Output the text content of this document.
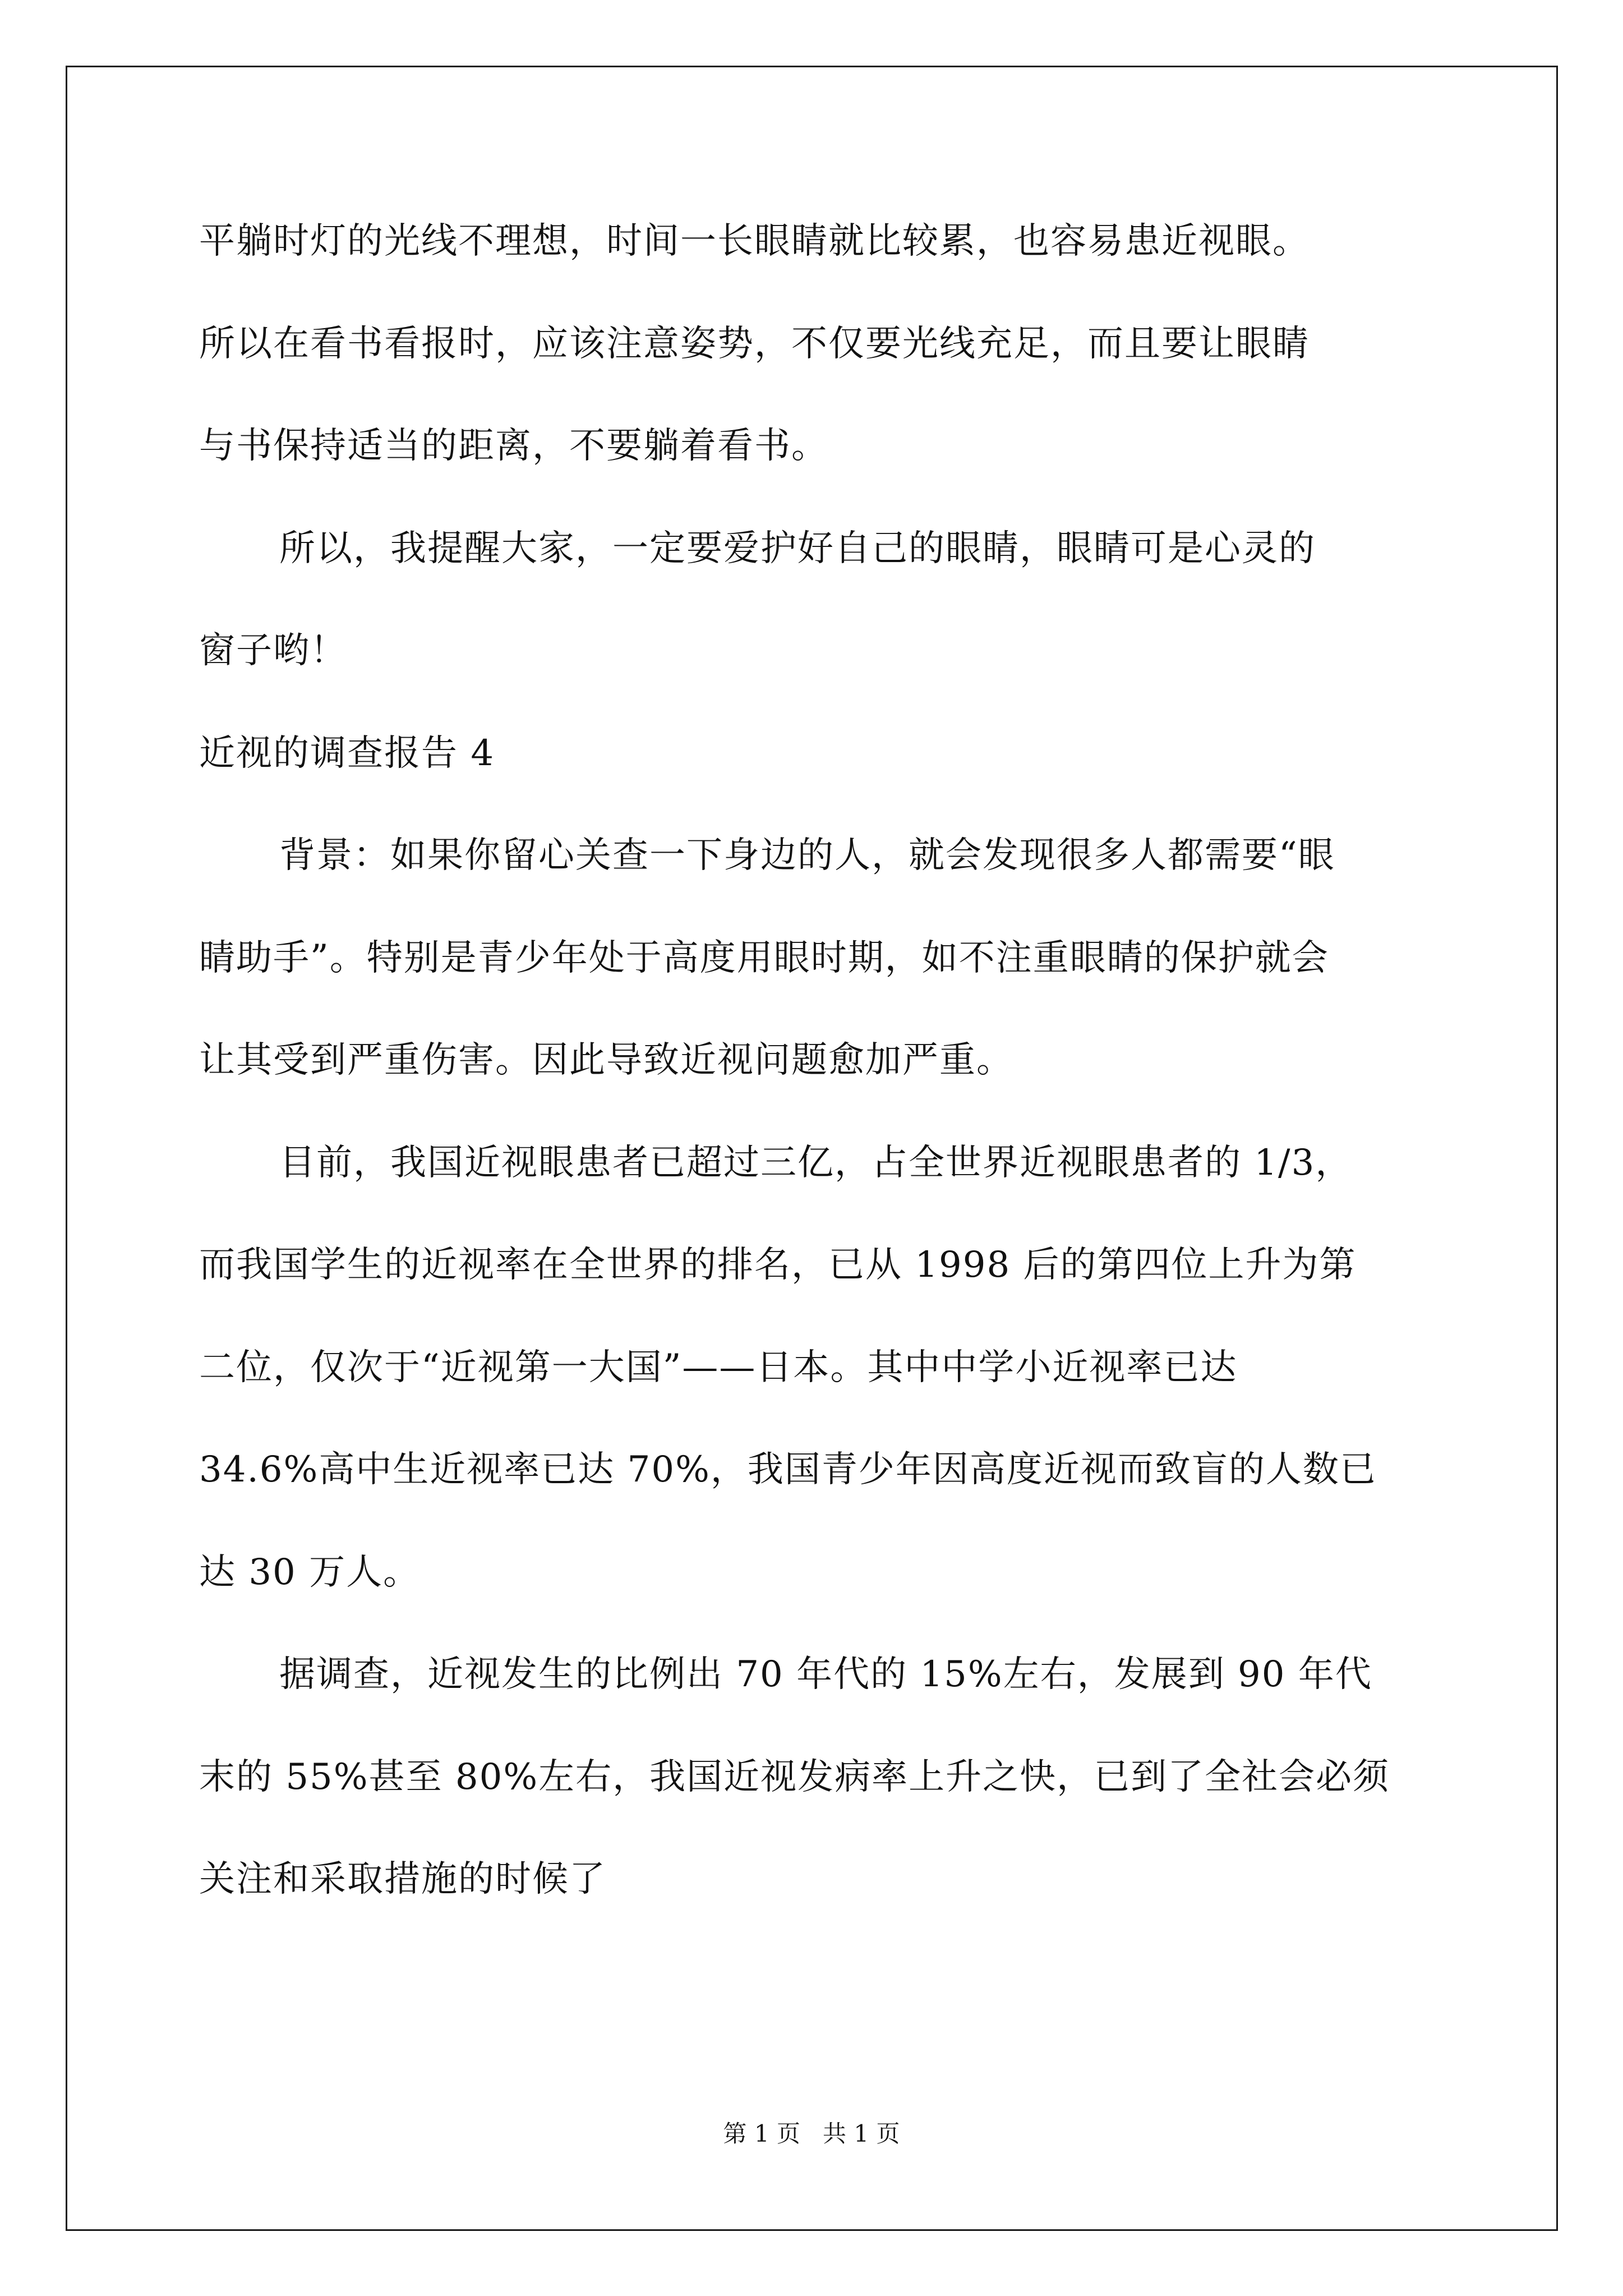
平躺时灯的光线不理想，时间一长眼睛就比较累，也容易患近视眼。
所以在看书看报时，应该注意姿势，不仅要光线充足，而且要让眼睛
与书保持适当的距离，不要躺着看书。
所以，我提醒大家，一定要爱护好自己的眼睛，眼睛可是心灵的
窗子哟！
近视的调查报告 4
背景：如果你留心关查一下身边的人，就会发现很多人都需要“眼
睛助手”。特别是青少年处于高度用眼时期，如不注重眼睛的保护就会
让其受到严重伤害。因此导致近视问题愈加严重。
目前，我国近视眼患者已超过三亿，占全世界近视眼患者的 1/3，
而我国学生的近视率在全世界的排名，已从 1998 后的第四位上升为第
二位，仅次于“近视第一大国”——日本。其中中学小近视率已达
34.6%高中生近视率已达 70%，我国青少年因高度近视而致盲的人数已
达 30 万人。
据调查，近视发生的比例出 70 年代的 15%左右，发展到 90 年代
末的 55%甚至 80%左右，我国近视发病率上升之快，已到了全社会必须
关注和采取措施的时候了
第 1 页   共 1 页
